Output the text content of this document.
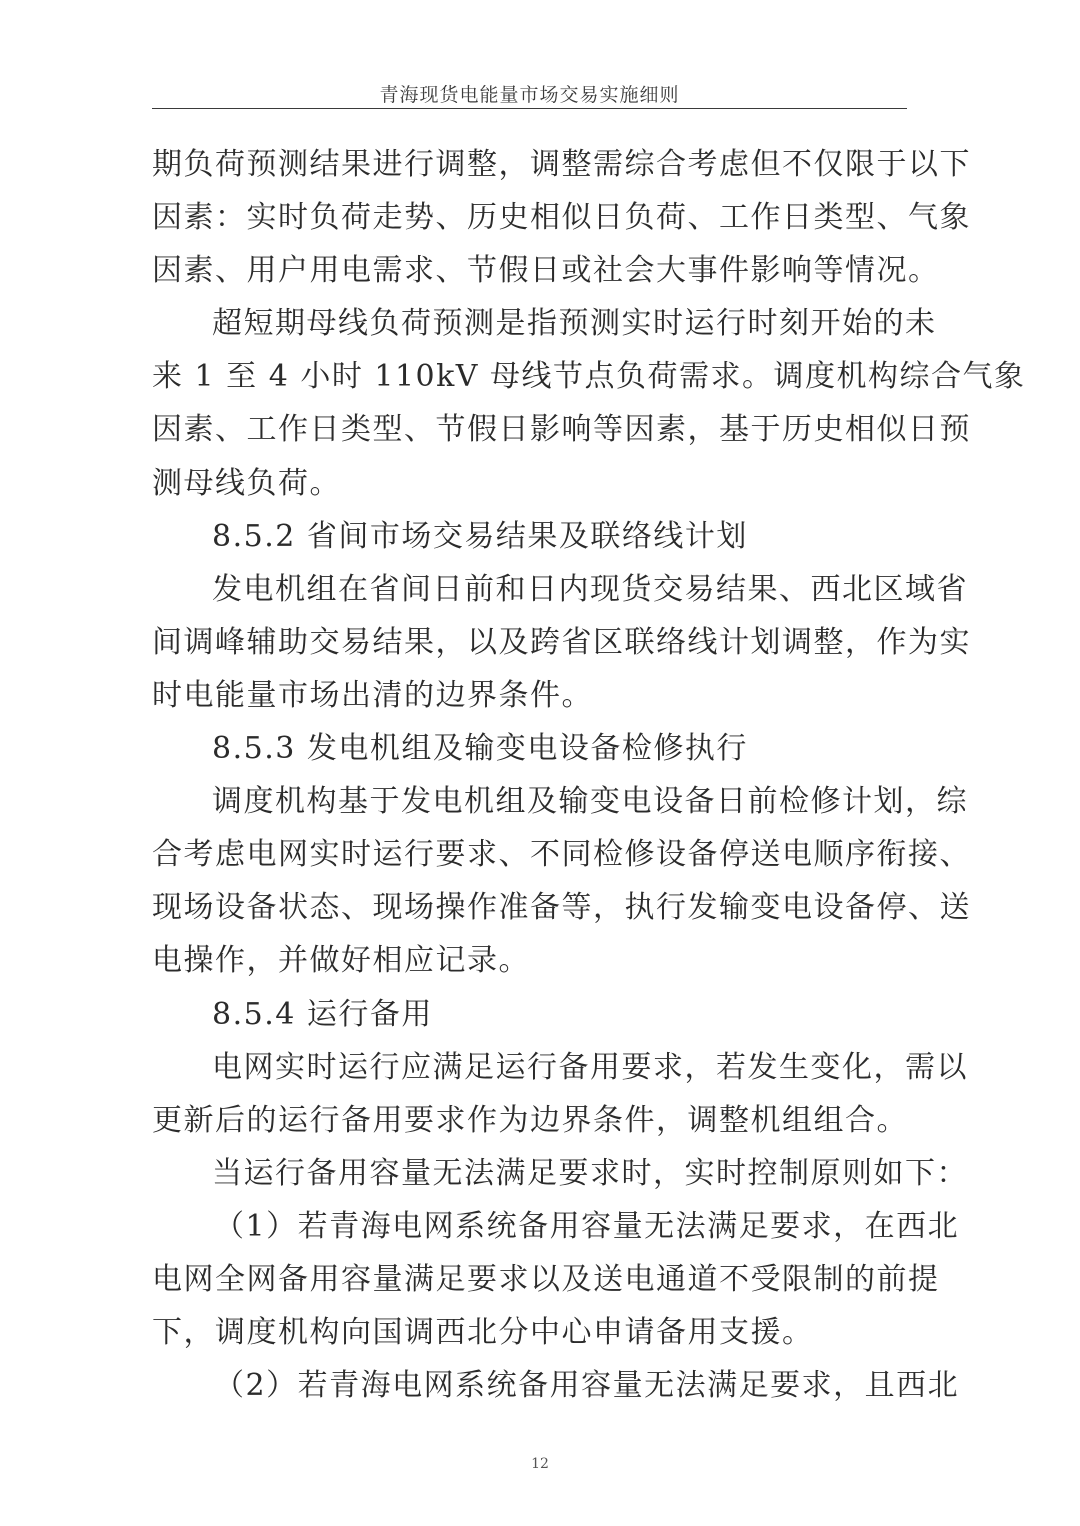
青海现货电能量市场交易实施细则
期负荷预测结果进行调整，调整需综合考虑但不仅限于以下
因素：实时负荷走势、历史相似日负荷、工作日类型、气象
因素、用户用电需求、节假日或社会大事件影响等情况。
超短期母线负荷预测是指预测实时运行时刻开始的未
来 1 至 4 小时 110kV 母线节点负荷需求。调度机构综合气象
因素、工作日类型、节假日影响等因素，基于历史相似日预
测母线负荷。
8.5.2 省间市场交易结果及联络线计划
发电机组在省间日前和日内现货交易结果、西北区域省
间调峰辅助交易结果，以及跨省区联络线计划调整，作为实
时电能量市场出清的边界条件。
8.5.3 发电机组及输变电设备检修执行
调度机构基于发电机组及输变电设备日前检修计划，综
合考虑电网实时运行要求、不同检修设备停送电顺序衔接、
现场设备状态、现场操作准备等，执行发输变电设备停、送
电操作，并做好相应记录。
8.5.4 运行备用
电网实时运行应满足运行备用要求，若发生变化，需以
更新后的运行备用要求作为边界条件，调整机组组合。
当运行备用容量无法满足要求时，实时控制原则如下：
（1）若青海电网系统备用容量无法满足要求，在西北
电网全网备用容量满足要求以及送电通道不受限制的前提
下，调度机构向国调西北分中心申请备用支援。
（2）若青海电网系统备用容量无法满足要求，且西北
12
